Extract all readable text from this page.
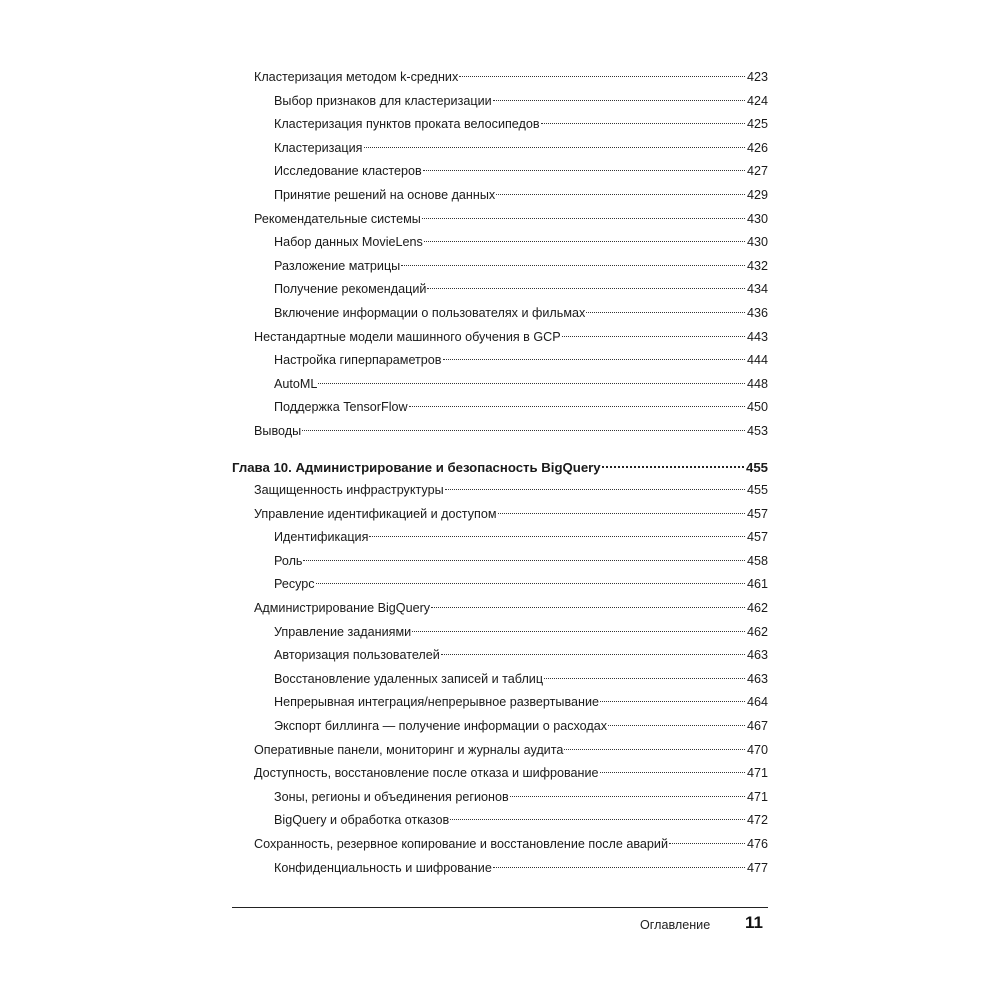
Кластеризация методом k-средних	423
Выбор признаков для кластеризации	424
Кластеризация пунктов проката велосипедов	425
Кластеризация	426
Исследование кластеров	427
Принятие решений на основе данных	429
Рекомендательные системы	430
Набор данных MovieLens	430
Разложение матрицы	432
Получение рекомендаций	434
Включение информации о пользователях и фильмах	436
Нестандартные модели машинного обучения в GCP	443
Настройка гиперпараметров	444
AutoML	448
Поддержка TensorFlow	450
Выводы	453
Глава 10. Администрирование и безопасность BigQuery	455
Защищенность инфраструктуры	455
Управление идентификацией и доступом	457
Идентификация	457
Роль	458
Ресурс	461
Администрирование BigQuery	462
Управление заданиями	462
Авторизация пользователей	463
Восстановление удаленных записей и таблиц	463
Непрерывная интеграция/непрерывное развертывание	464
Экспорт биллинга — получение информации о расходах	467
Оперативные панели, мониторинг и журналы аудита	470
Доступность, восстановление после отказа и шифрование	471
Зоны, регионы и объединения регионов	471
BigQuery и обработка отказов	472
Сохранность, резервное копирование и восстановление после аварий	476
Конфиденциальность и шифрование	477
Оглавление 11
